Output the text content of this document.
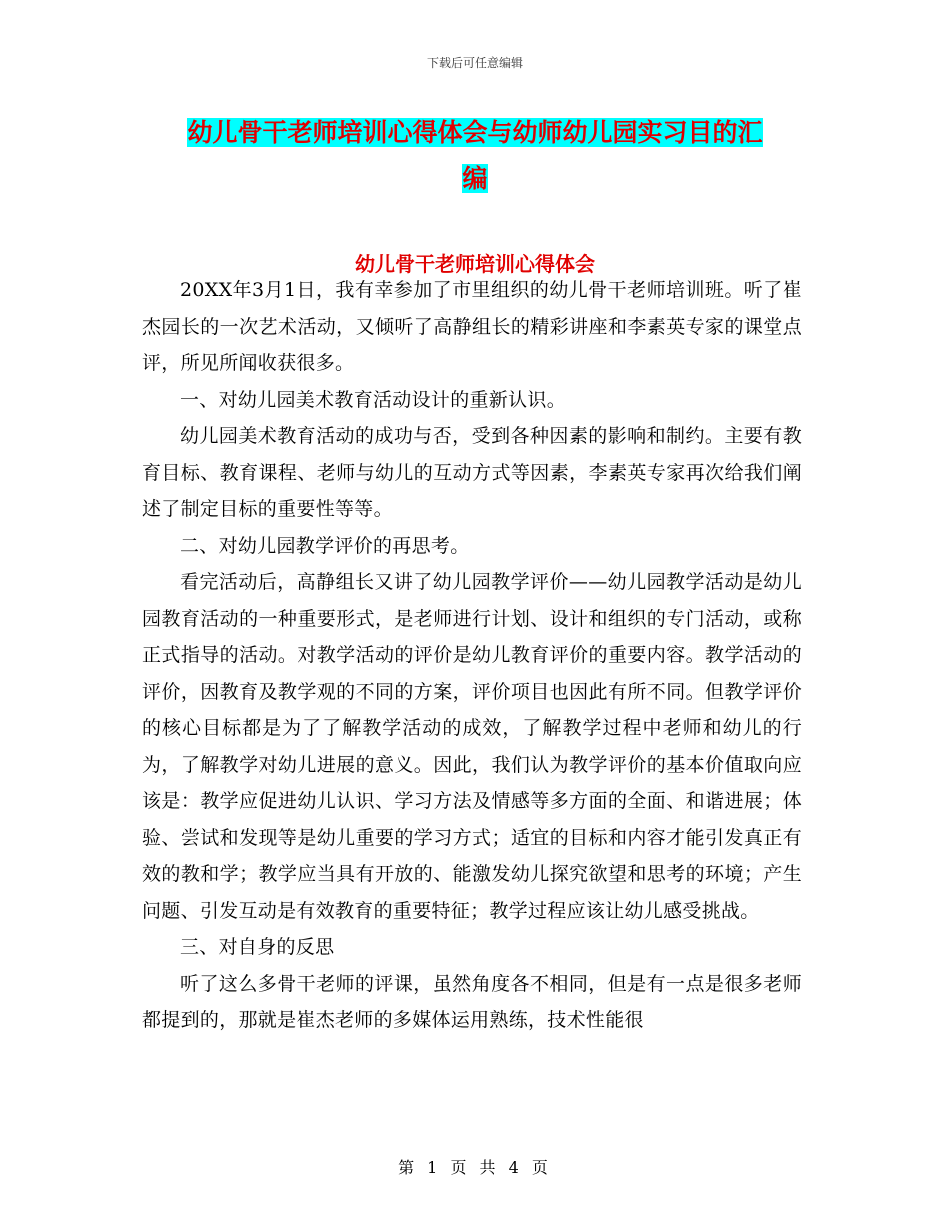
下载后可任意编辑
幼儿骨干老师培训心得体会与幼师幼儿园实习目的汇
编
幼儿骨干老师培训心得体会

20XX年3月1日，我有幸参加了市里组织的幼儿骨干老师培训班。听了崔杰园长的一次艺术活动，又倾听了高静组长的精彩讲座和李素英专家的课堂点评，所见所闻收获很多。

一、对幼儿园美术教育活动设计的重新认识。

幼儿园美术教育活动的成功与否，受到各种因素的影响和制约。主要有教育目标、教育课程、老师与幼儿的互动方式等因素，李素英专家再次给我们阐述了制定目标的重要性等等。

二、对幼儿园教学评价的再思考。

看完活动后，高静组长又讲了幼儿园教学评价——幼儿园教学活动是幼儿园教育活动的一种重要形式，是老师进行计划、设计和组织的专门活动，或称正式指导的活动。对教学活动的评价是幼儿教育评价的重要内容。教学活动的评价，因教育及教学观的不同的方案，评价项目也因此有所不同。但教学评价的核心目标都是为了了解教学活动的成效，了解教学过程中老师和幼儿的行为，了解教学对幼儿进展的意义。因此，我们认为教学评价的基本价值取向应该是：教学应促进幼儿认识、学习方法及情感等多方面的全面、和谐进展；体验、尝试和发现等是幼儿重要的学习方式；适宜的目标和内容才能引发真正有效的教和学；教学应当具有开放的、能激发幼儿探究欲望和思考的环境；产生问题、引发互动是有效教育的重要特征；教学过程应该让幼儿感受挑战。

三、对自身的反思

听了这么多骨干老师的评课，虽然角度各不相同，但是有一点是很多老师都提到的，那就是崔杰老师的多媒体运用熟练，技术性能很

第 1 页 共 4 页
